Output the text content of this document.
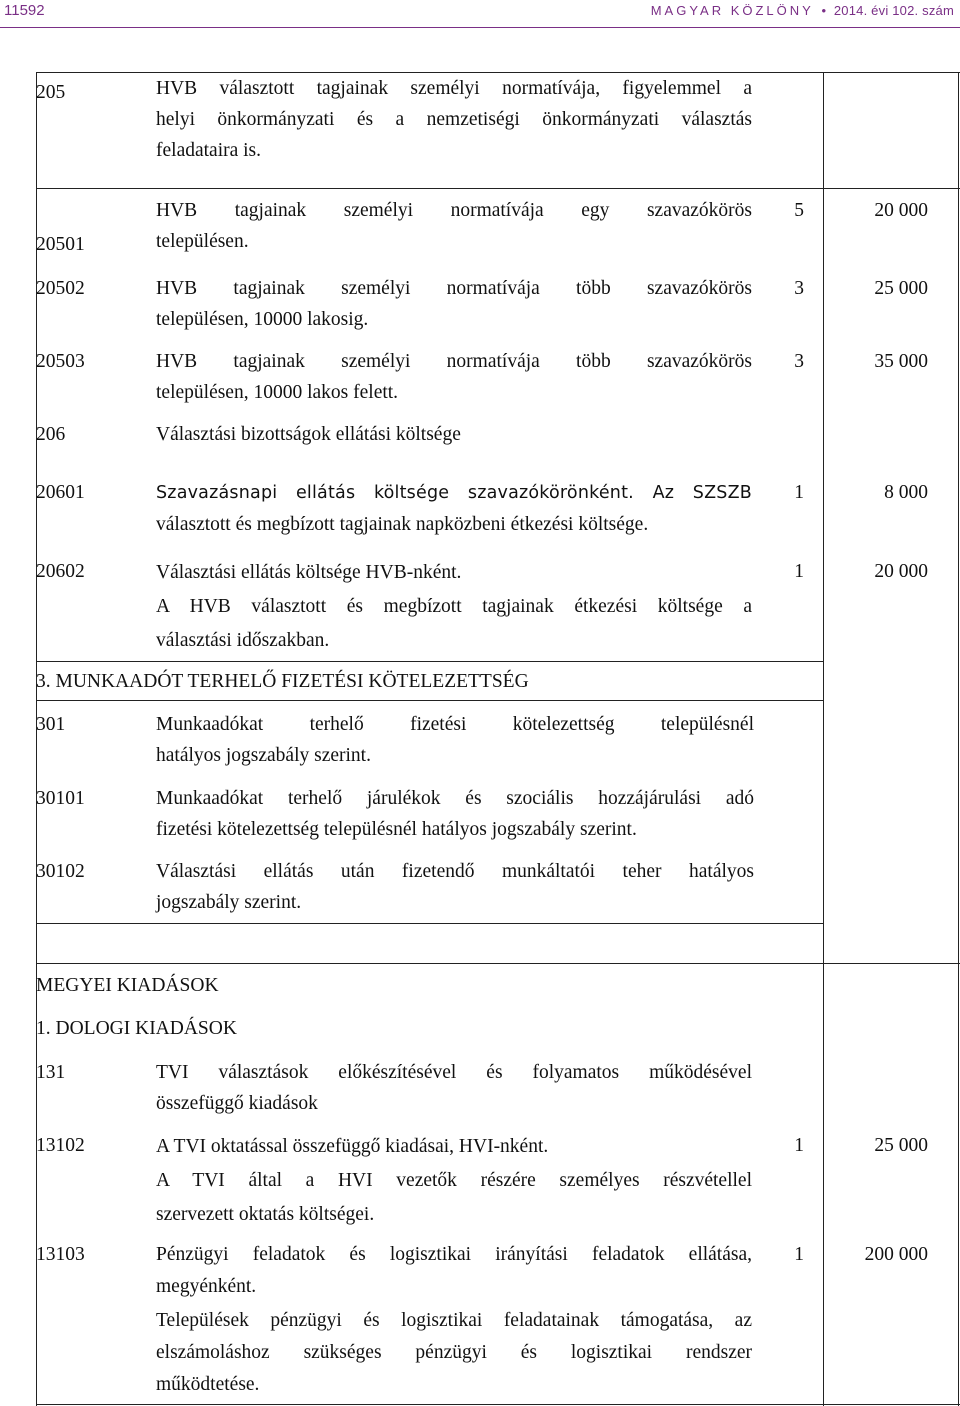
11592	MAGYAR KÖZLÖNY • 2014. évi 102. szám
205	HVB választott tagjainak személyi normatívája, figyelemmel a
helyi önkormányzati és a nemzetiségi önkormányzati választás
feladataira is.
20501
HVB tagjainak személyi normatívája egy szavazókörös
településen.
5	20 000
20502	HVB tagjainak személyi normatívája több szavazókörös
településen, 10000 lakosig.
3	25 000
20503	HVB tagjainak személyi normatívája több szavazókörös
településen, 10000 lakos felett.
3	35 000
206	Választási bizottságok ellátási költsége
20601	Szavazásnapi ellátás költsége szavazókörönként. Az SZSZB
választott és megbízott tagjainak napközbeni étkezési költsége.
1	8 000
20602	Választási ellátás költsége HVB-nként.
A HVB választott és megbízott tagjainak étkezési költsége a
választási időszakban.
1	20 000
3. MUNKAADÓT TERHELŐ FIZETÉSI KÖTELEZETTSÉG
301	Munkaadókat terhelő fizetési kötelezettség településnél
hatályos jogszabály szerint.
30101	Munkaadókat terhelő járulékok és szociális hozzájárulási adó
fizetési kötelezettség településnél hatályos jogszabály szerint.
30102	Választási ellátás után fizetendő munkáltatói teher hatályos
jogszabály szerint.
MEGYEI KIADÁSOK
1. DOLOGI KIADÁSOK
131	TVI választások előkészítésével és folyamatos működésével
összefüggő kiadások
13102	A TVI oktatással összefüggő kiadásai, HVI-nként.
A TVI által a HVI vezetők részére személyes részvétellel
szervezett oktatás költségei.
1	25 000
13103	Pénzügyi feladatok és logisztikai irányítási feladatok ellátása,
megyénként.
Települések pénzügyi és logisztikai feladatainak támogatása, az
elszámoláshoz szükséges pénzügyi és logisztikai rendszer
működtetése.
1	200 000
